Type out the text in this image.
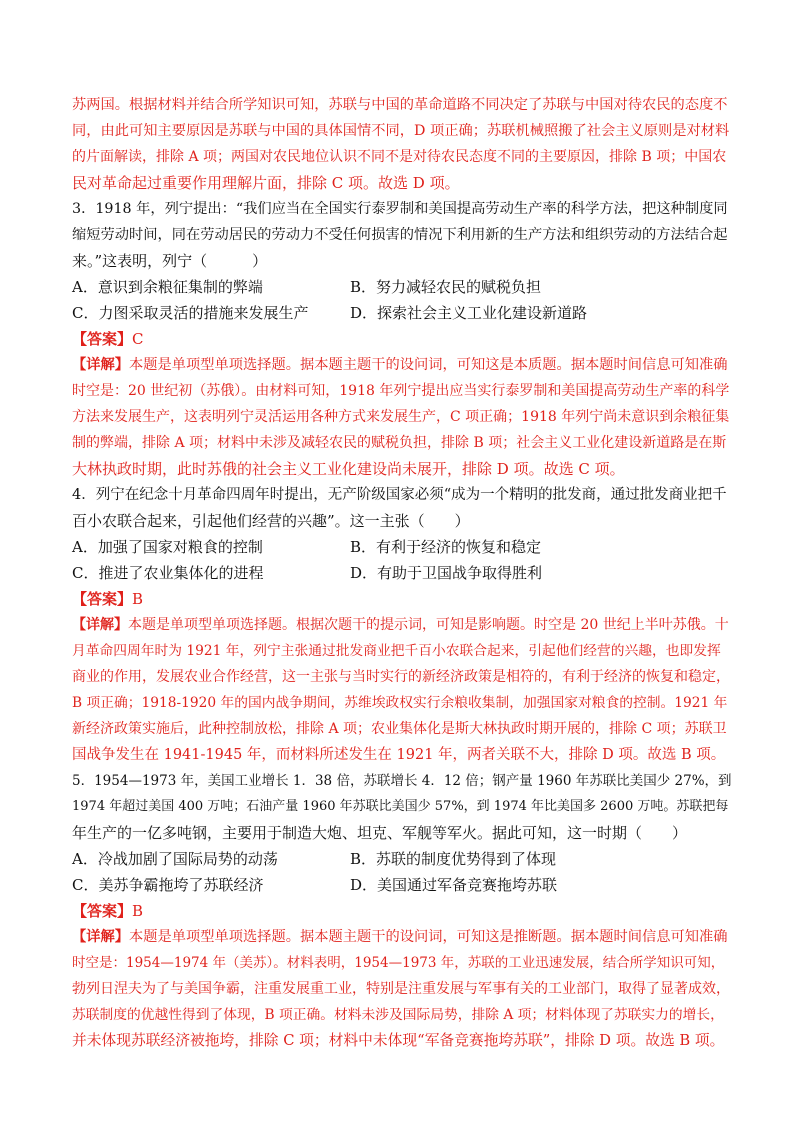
苏两国。根据材料并结合所学知识可知，苏联与中国的革命道路不同决定了苏联与中国对待农民的态度不
同，由此可知主要原因是苏联与中国的具体国情不同，D 项正确；苏联机械照搬了社会主义原则是对材料
的片面解读，排除 A 项；两国对农民地位认识不同不是对待农民态度不同的主要原因，排除 B 项；中国农
民对革命起过重要作用理解片面，排除 C 项。故选 D 项。
3．1918 年，列宁提出：“我们应当在全国实行泰罗制和美国提高劳动生产率的科学方法，把这种制度同
缩短劳动时间，同在劳动居民的劳动力不受任何损害的情况下利用新的生产方法和组织劳动的方法结合起
来。”这表明，列宁（　　　）
A．意识到余粮征集制的弊端	B．努力减轻农民的赋税负担
C．力图采取灵活的措施来发展生产	D．探索社会主义工业化建设新道路
【答案】C
【详解】本题是单项型单项选择题。据本题主题干的设问词，可知这是本质题。据本题时间信息可知准确
时空是：20 世纪初（苏俄）。由材料可知，1918 年列宁提出应当实行泰罗制和美国提高劳动生产率的科学
方法来发展生产，这表明列宁灵活运用各种方式来发展生产，C 项正确；1918 年列宁尚未意识到余粮征集
制的弊端，排除 A 项；材料中未涉及减轻农民的赋税负担，排除 B 项；社会主义工业化建设新道路是在斯
大林执政时期，此时苏俄的社会主义工业化建设尚未展开，排除 D 项。故选 C 项。
4．列宁在纪念十月革命四周年时提出，无产阶级国家必须“成为一个精明的批发商，通过批发商业把千
百小农联合起来，引起他们经营的兴趣”。这一主张（　　）
A．加强了国家对粮食的控制	B．有利于经济的恢复和稳定
C．推进了农业集体化的进程	D．有助于卫国战争取得胜利
【答案】B
【详解】本题是单项型单项选择题。根据次题干的提示词，可知是影响题。时空是 20 世纪上半叶苏俄。十
月革命四周年时为 1921 年，列宁主张通过批发商业把千百小农联合起来，引起他们经营的兴趣，也即发挥
商业的作用，发展农业合作经营，这一主张与当时实行的新经济政策是相符的，有利于经济的恢复和稳定，
B 项正确；1918-1920 年的国内战争期间，苏维埃政权实行余粮收集制，加强国家对粮食的控制。1921 年
新经济政策实施后，此种控制放松，排除 A 项；农业集体化是斯大林执政时期开展的，排除 C 项；苏联卫
国战争发生在 1941-1945 年，而材料所述发生在 1921 年，两者关联不大，排除 D 项。故选 B 项。
5．1954—1973 年，美国工业增长 1．38 倍，苏联增长 4．12 倍；钢产量 1960 年苏联比美国少 27%，到
1974 年超过美国 400 万吨；石油产量 1960 年苏联比美国少 57%，到 1974 年比美国多 2600 万吨。苏联把每
年生产的一亿多吨钢，主要用于制造大炮、坦克、军舰等军火。据此可知，这一时期（　　）
A．冷战加剧了国际局势的动荡	B．苏联的制度优势得到了体现
C．美苏争霸拖垮了苏联经济	D．美国通过军备竞赛拖垮苏联
【答案】B
【详解】本题是单项型单项选择题。据本题主题干的设问词，可知这是推断题。据本题时间信息可知准确
时空是：1954—1974 年（美苏）。材料表明，1954—1973 年，苏联的工业迅速发展，结合所学知识可知，
勃列日涅夫为了与美国争霸，注重发展重工业，特别是注重发展与军事有关的工业部门，取得了显著成效，
苏联制度的优越性得到了体现，B 项正确。材料未涉及国际局势，排除 A 项；材料体现了苏联实力的增长，
并未体现苏联经济被拖垮，排除 C 项；材料中未体现“军备竞赛拖垮苏联”，排除 D 项。故选 B 项。
